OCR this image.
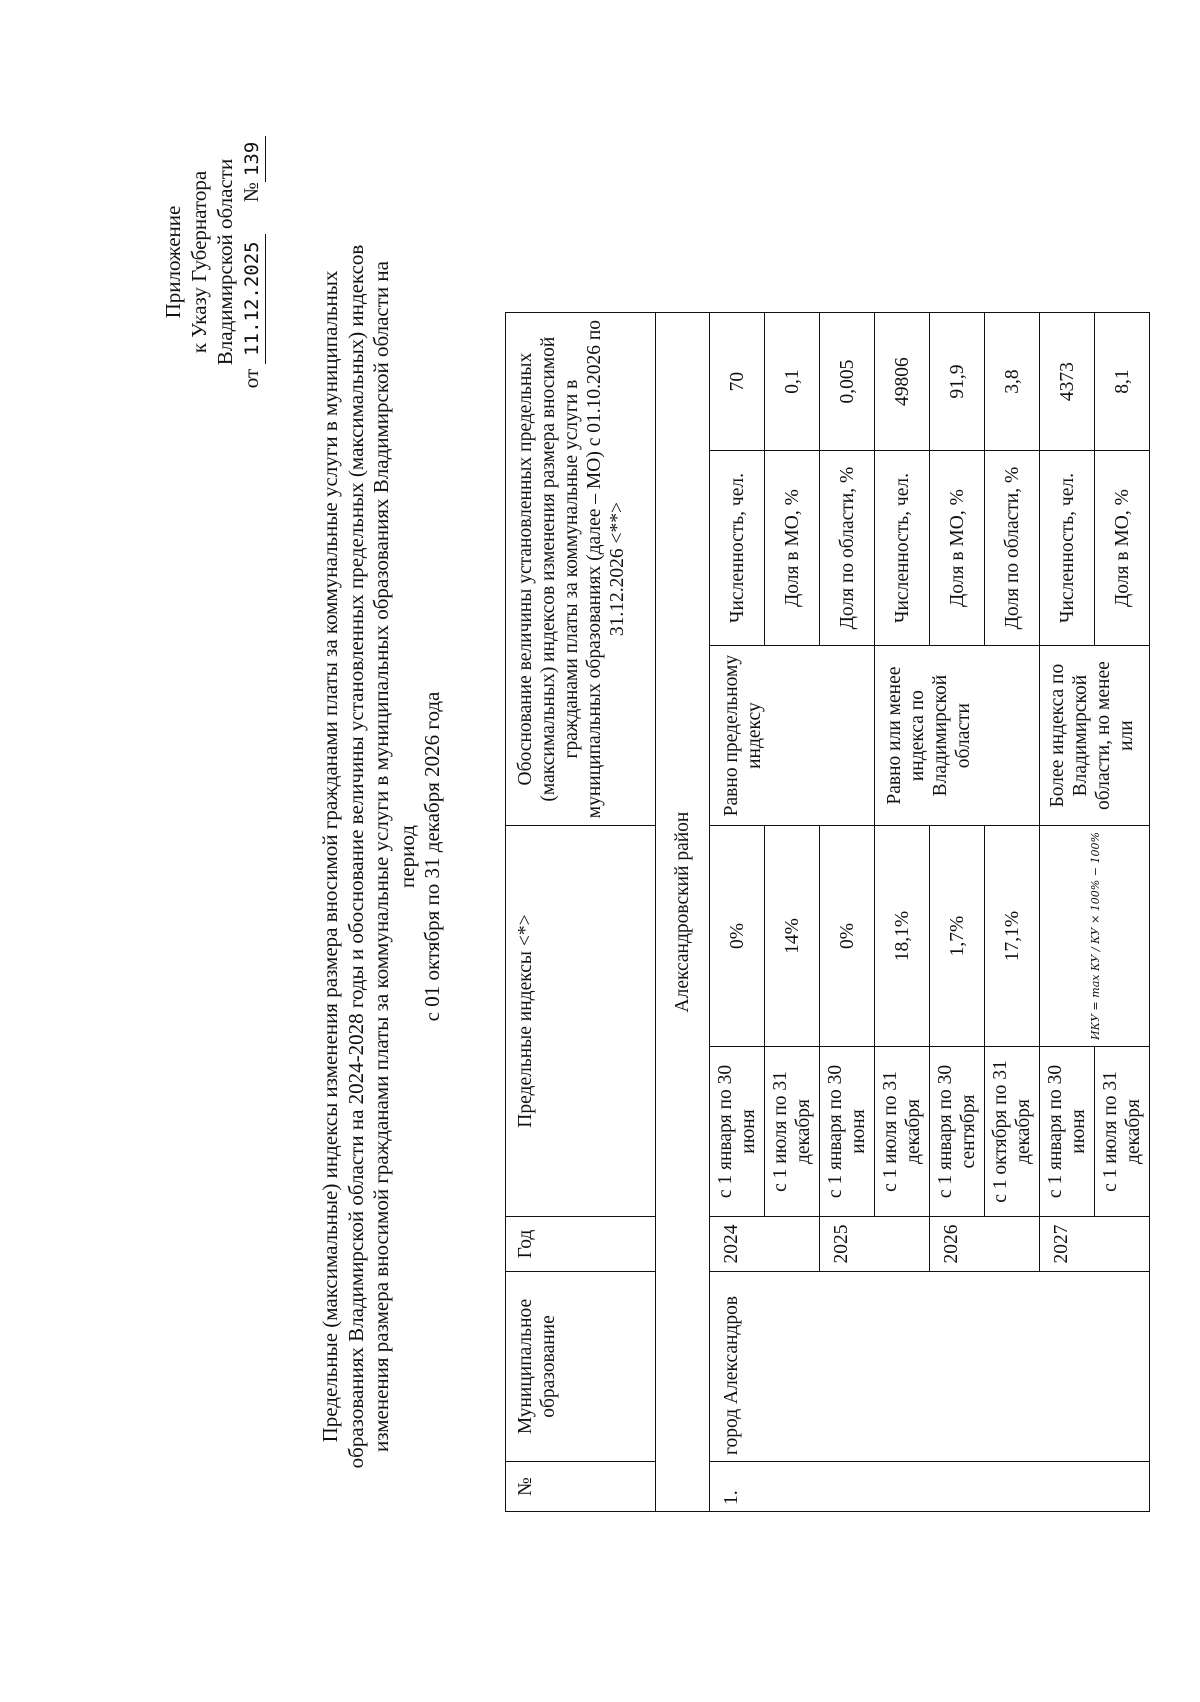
Приложение к Указу Губернатора Владимирской области
от 11.12.2025      №139
Предельные (максимальные) индексы изменения размера вносимой гражданами платы за коммунальные услуги в муниципальных образованиях Владимирской области на 2024-2028 годы и обоснование величины установленных предельных (максимальных) индексов изменения размера вносимой гражданами платы за коммунальные услуги в муниципальных образованиях Владимирской области на период с 01 октября по 31 декабря 2026 года
№	Муниципальное образование	Год	Предельные индексы <*>		Обоснование величины установленных предельных (максимальных) индексов изменения размера вносимой гражданами платы за коммунальные услуги в муниципальных образованиях (далее – МО) с 01.10.2026 по 31.12.2026 <**>		
Александровский район							
1.	город Александров	2024	с 1 января по 30 июня	0%	Равно предельному индексу	Численность, чел.	70
			с 1 июля по 31 декабря	14%		Доля в МО, %	0,1
		2025	с 1 января по 30 июня	0%		Доля по области, %	0,005
			с 1 июля по 31 декабря	18,1%	Равно или менее индекса по Владимирской области	Численность, чел.	49806
		2026	с 1 января по 30 сентября	1,7%		Доля в МО, %	91,9
			с 1 октября по 31 декабря	17,1%		Доля по области, %	3,8
		2027	с 1 января по 30 июня	ИКУ = max КУ / КУ × 100% − 100%	Более индекса по Владимирской области, но менее или	Численность, чел.	4373
			с 1 июля по 31 декабря			Доля в МО, %	8,1
